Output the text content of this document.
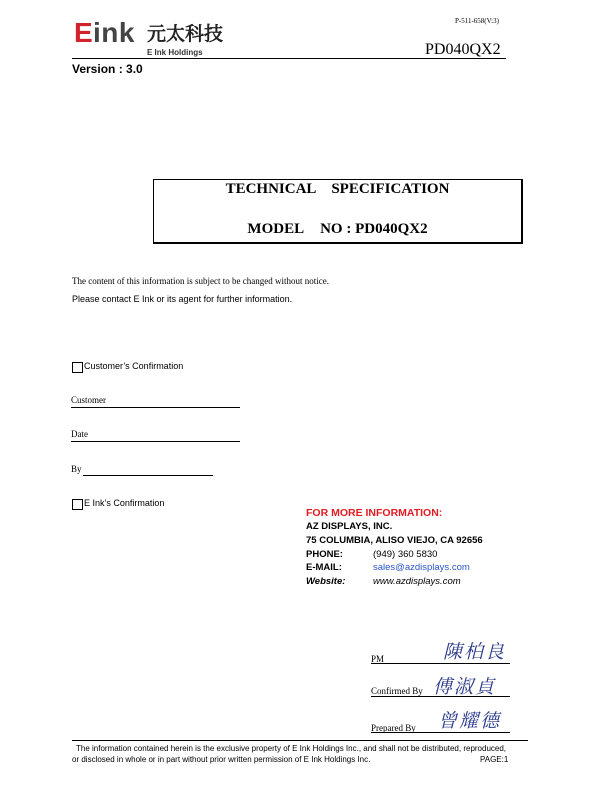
E ink 元太科技
E Ink Holdings
P-511-658(V:3)
PD040QX2
Version : 3.0
TECHNICAL SPECIFICATION
MODEL NO : PD040QX2
The content of this information is subject to be changed without notice.
Please contact E Ink or its agent for further information.
Customer’s Confirmation
Customer
Date
By
E Ink’s Confirmation
FOR MORE INFORMATION:
AZ DISPLAYS, INC.
75 COLUMBIA, ALISO VIEJO, CA 92656
PHONE:	(949) 360 5830
E-MAIL:	sales@azdisplays.com
Website:	www.azdisplays.com
陳柏良
PM
傅淑貞
Confirmed By
曾耀德
Prepared By
The information contained herein is the exclusive property of E Ink Holdings Inc., and shall not be distributed, reproduced,
or disclosed in whole or in part without prior written permission of E Ink Holdings Inc.	PAGE:1
